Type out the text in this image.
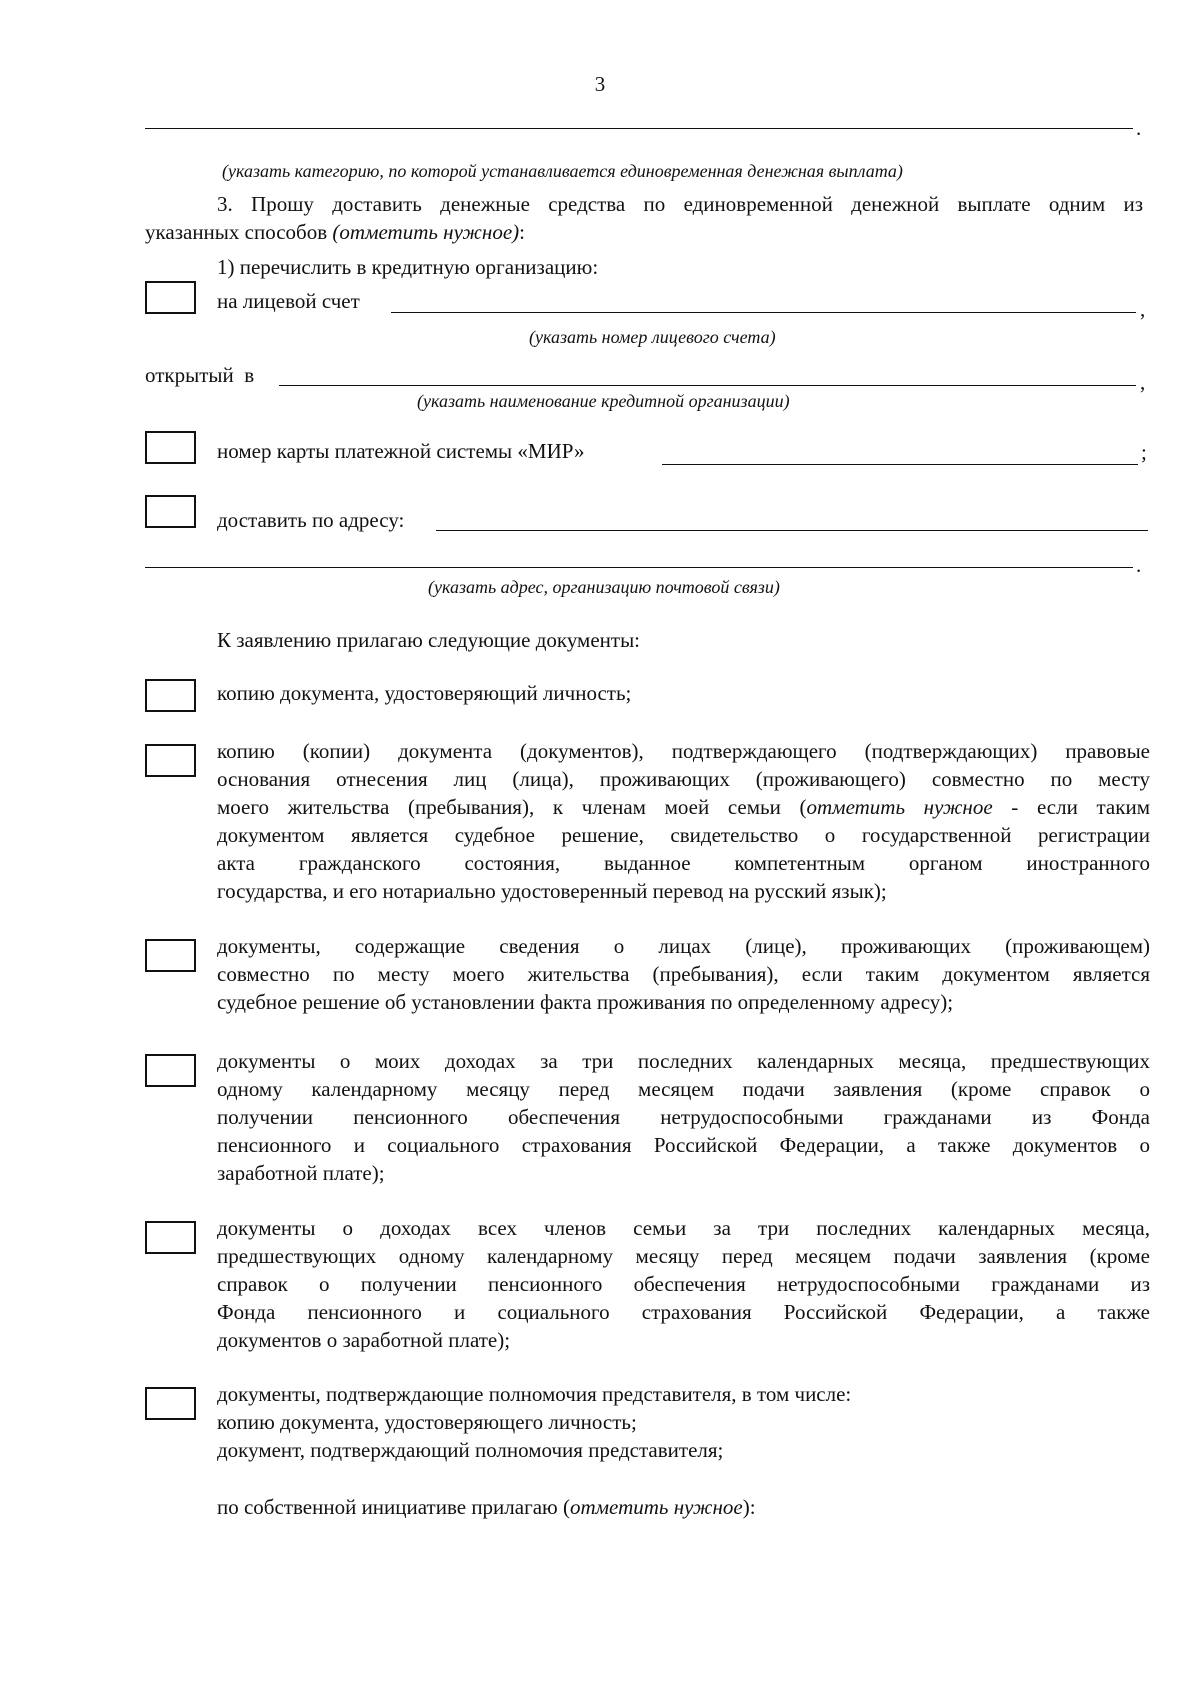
3
.
(указать категорию, по которой устанавливается единовременная денежная выплата)
3. Прошу доставить денежные средства по единовременной денежной выплате одним из
указанных способов (отметить нужное):
1) перечислить в кредитную организацию:
на лицевой счет	,
(указать номер лицевого счета)
открытый  в	,
(указать наименование кредитной организации)
номер карты платежной системы «МИР»	;
доставить по адресу:
.
(указать адрес, организацию почтовой связи)
К заявлению прилагаю следующие документы:
копию документа, удостоверяющий личность;
копию (копии) документа (документов), подтверждающего (подтверждающих) правовые
основания отнесения лиц (лица), проживающих (проживающего) совместно по месту
моего жительства (пребывания), к членам моей семьи (отметить нужное - если таким
документом является судебное решение, свидетельство о государственной регистрации
акта гражданского состояния, выданное компетентным органом иностранного
государства, и его нотариально удостоверенный перевод на русский язык);
документы, содержащие сведения о лицах (лице), проживающих (проживающем)
совместно по месту моего жительства (пребывания), если таким документом является
судебное решение об установлении факта проживания по определенному адресу);
документы о моих доходах за три последних календарных месяца, предшествующих
одному календарному месяцу перед месяцем подачи заявления (кроме справок о
получении пенсионного обеспечения нетрудоспособными гражданами из Фонда
пенсионного и социального страхования Российской Федерации, а также документов о
заработной плате);
документы о доходах всех членов семьи за три последних календарных месяца,
предшествующих одному календарному месяцу перед месяцем подачи заявления (кроме
справок о получении пенсионного обеспечения нетрудоспособными гражданами из
Фонда пенсионного и социального страхования Российской Федерации, а также
документов о заработной плате);
документы, подтверждающие полномочия представителя, в том числе:
копию документа, удостоверяющего личность;
документ, подтверждающий полномочия представителя;
по собственной инициативе прилагаю (отметить нужное):
